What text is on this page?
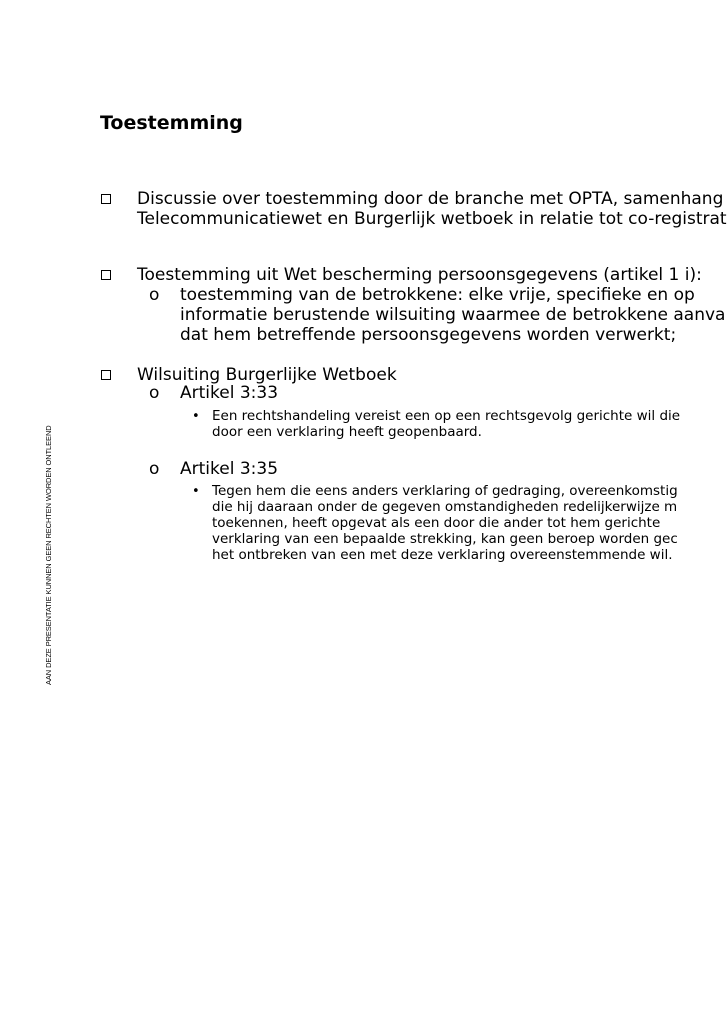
AAN DEZE PRESENTATIE KUNNEN GEEN RECHTEN WORDEN ONTLEEND
Toestemming
Discussie over toestemming door de branche met OPTA, samenhang
Telecommunicatiewet en Burgerlijk wetboek in relatie tot co-registrat
Toestemming uit Wet bescherming persoonsgegevens (artikel 1 i):
o toestemming van de betrokkene: elke vrije, specifieke en op
informatie berustende wilsuiting waarmee de betrokkene aanva
dat hem betreffende persoonsgegevens worden verwerkt;
Wilsuiting Burgerlijke Wetboek
o Artikel 3:33
• Een rechtshandeling vereist een op een rechtsgevolg gerichte wil die
door een verklaring heeft geopenbaard.
o Artikel 3:35
• Tegen hem die eens anders verklaring of gedraging, overeenkomstig
die hij daaraan onder de gegeven omstandigheden redelijkerwijze m
toekennen, heeft opgevat als een door die ander tot hem gerichte
verklaring van een bepaalde strekking, kan geen beroep worden gec
het ontbreken van een met deze verklaring overeenstemmende wil.
